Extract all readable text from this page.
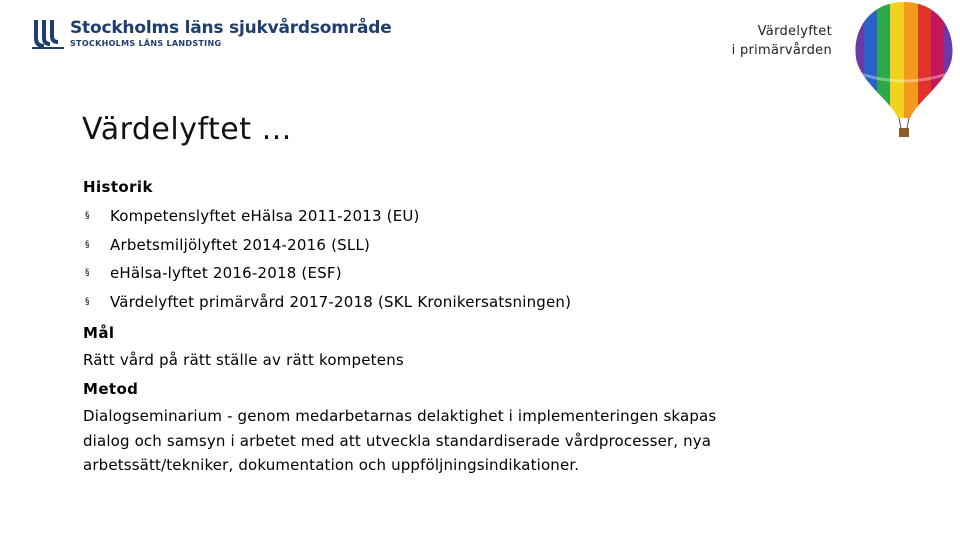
Stockholms läns sjukvårdsområde
STOCKHOLMS LÄNS LANDSTING
Värdelyftet
i primärvården
Värdelyftet …
Historik
§ Kompetenslyftet eHälsa 2011-2013 (EU)
§ Arbetsmiljölyftet 2014-2016 (SLL)
§ eHälsa-lyftet 2016-2018 (ESF)
§ Värdelyftet primärvård 2017-2018 (SKL Kronikersatsningen)
Mål
Rätt vård på rätt ställe av rätt kompetens
Metod
Dialogseminarium - genom medarbetarnas delaktighet i implementeringen skapas
dialog och samsyn i arbetet med att utveckla standardiserade vårdprocesser, nya
arbetssätt/tekniker, dokumentation och uppföljningsindikationer.
